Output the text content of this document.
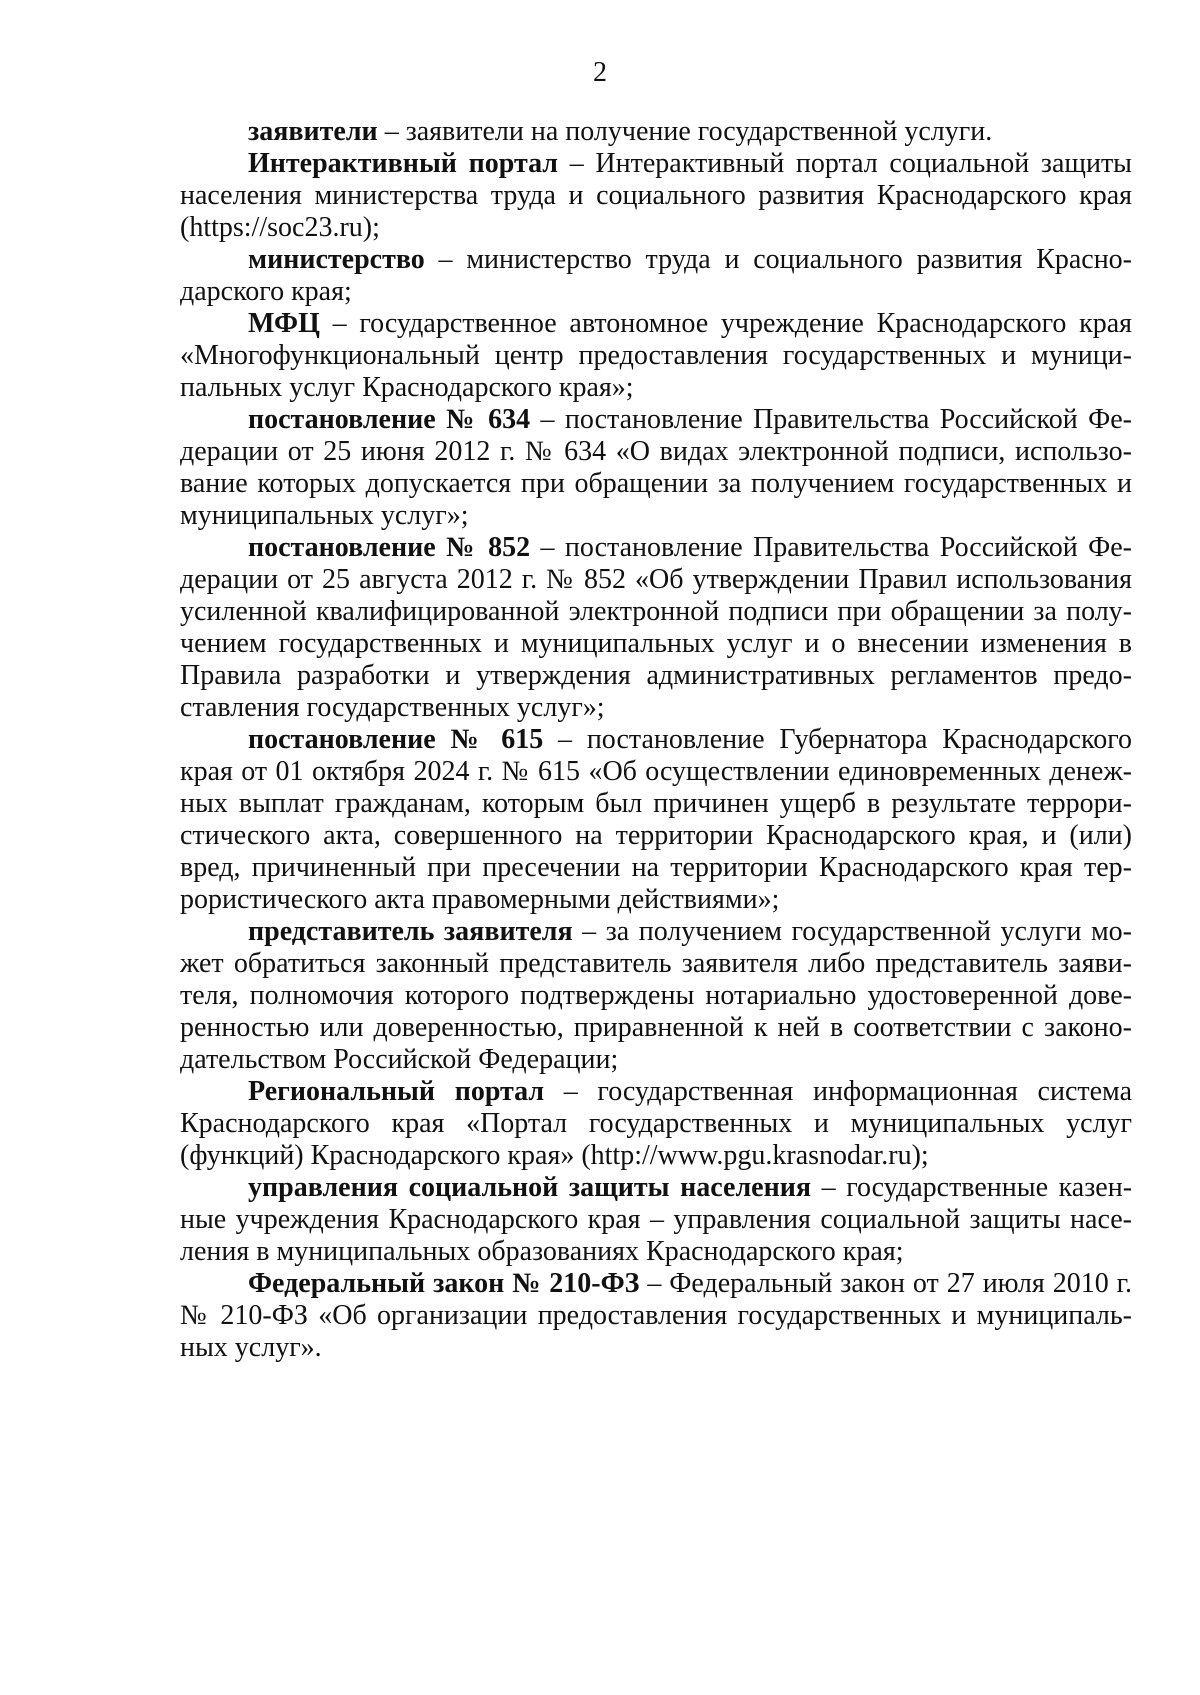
2

заявители – заявители на получение государственной услуги.

Интерактивный портал – Интерактивный портал социальной защиты населения министерства труда и социального развития Краснодарского края (https://soc23.ru);

министерство – министерство труда и социального развития Краснодарского края;

МФЦ – государственное автономное учреждение Краснодарского края «Многофункциональный центр предоставления государственных и муниципальных услуг Краснодарского края»;

постановление № 634 – постановление Правительства Российской Федерации от 25 июня 2012 г. № 634 «О видах электронной подписи, использование которых допускается при обращении за получением государственных и муниципальных услуг»;

постановление № 852 – постановление Правительства Российской Федерации от 25 августа 2012 г. № 852 «Об утверждении Правил использования усиленной квалифицированной электронной подписи при обращении за получением государственных и муниципальных услуг и о внесении изменения в Правила разработки и утверждения административных регламентов предоставления государственных услуг»;

постановление № 615 – постановление Губернатора Краснодарского края от 01 октября 2024 г. № 615 «Об осуществлении единовременных денежных выплат гражданам, которым был причинен ущерб в результате террористического акта, совершенного на территории Краснодарского края, и (или) вред, причиненный при пресечении на территории Краснодарского края террористического акта правомерными действиями»;

представитель заявителя – за получением государственной услуги может обратиться законный представитель заявителя либо представитель заявителя, полномочия которого подтверждены нотариально удостоверенной доверенностью или доверенностью, приравненной к ней в соответствии с законодательством Российской Федерации;

Региональный портал – государственная информационная система Краснодарского края «Портал государственных и муниципальных услуг (функций) Краснодарского края» (http://www.pgu.krasnodar.ru);

управления социальной защиты населения – государственные казенные учреждения Краснодарского края – управления социальной защиты населения в муниципальных образованиях Краснодарского края;

Федеральный закон № 210-ФЗ – Федеральный закон от 27 июля 2010 г. № 210-ФЗ «Об организации предоставления государственных и муниципальных услуг».
